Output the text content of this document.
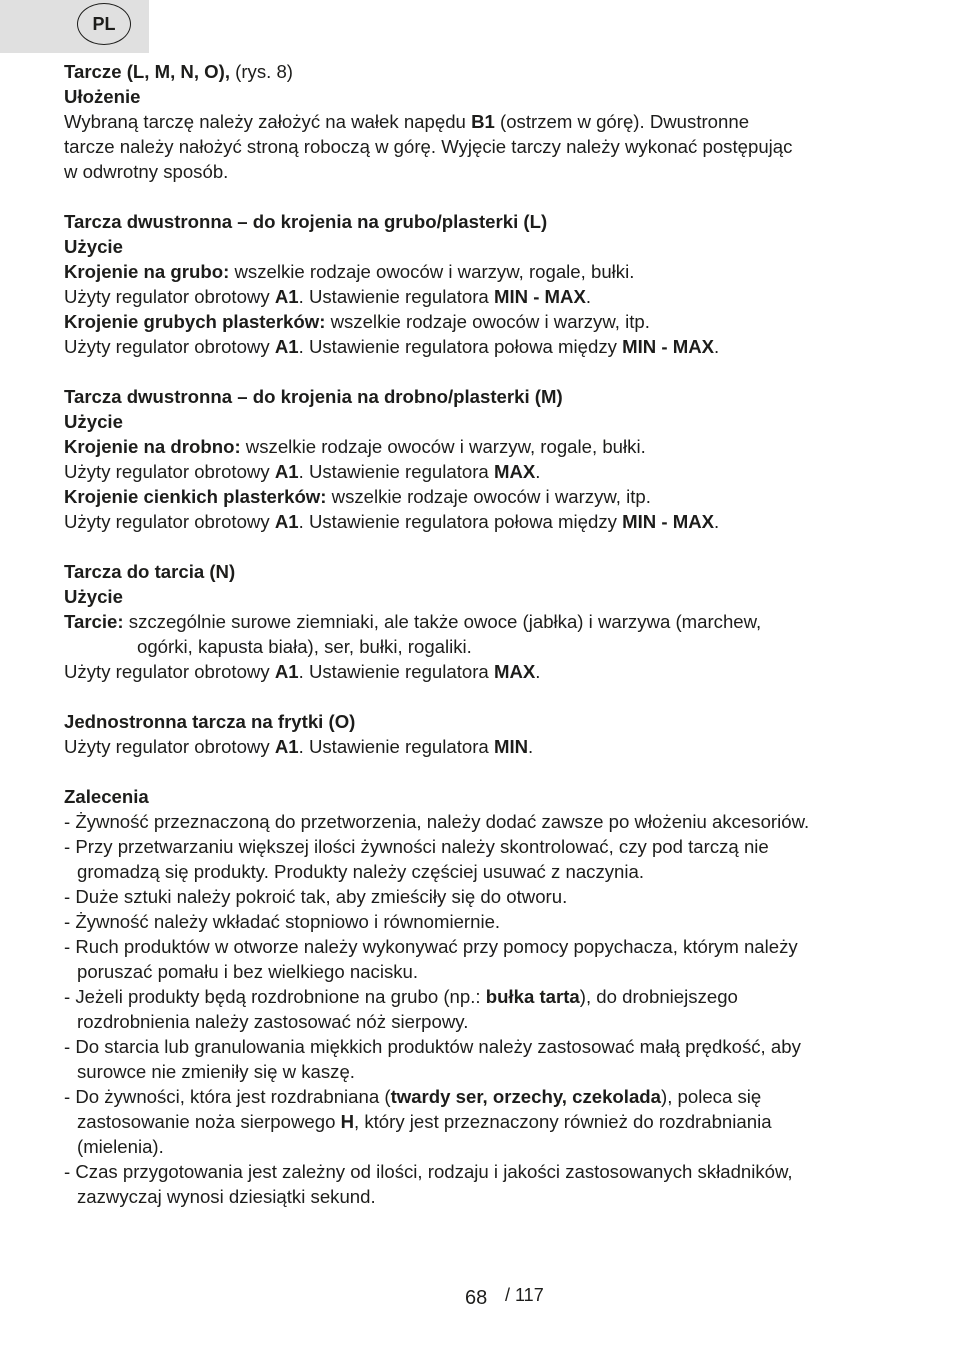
PL
Tarcze (L, M, N, O), (rys. 8)
Ułożenie
Wybraną tarczę należy założyć na wałek napędu B1 (ostrzem w górę). Dwustronne
tarcze należy nałożyć stroną roboczą w górę. Wyjęcie tarczy należy wykonać postępując
w odwrotny sposób.
Tarcza dwustronna – do krojenia na grubo/plasterki (L)
Użycie
Krojenie na grubo: wszelkie rodzaje owoców i warzyw, rogale, bułki.
Użyty regulator obrotowy A1. Ustawienie regulatora MIN - MAX.
Krojenie grubych plasterków: wszelkie rodzaje owoców i warzyw, itp.
Użyty regulator obrotowy A1. Ustawienie regulatora połowa między MIN - MAX.
Tarcza dwustronna – do krojenia na drobno/plasterki (M)
Użycie
Krojenie na drobno: wszelkie rodzaje owoców i warzyw, rogale, bułki.
Użyty regulator obrotowy A1. Ustawienie regulatora MAX.
Krojenie cienkich plasterków: wszelkie rodzaje owoców i warzyw, itp.
Użyty regulator obrotowy A1. Ustawienie regulatora połowa między MIN - MAX.
Tarcza do tarcia (N)
Użycie
Tarcie: szczególnie surowe ziemniaki, ale także owoce (jabłka) i warzywa (marchew,
ogórki, kapusta biała), ser, bułki, rogaliki.
Użyty regulator obrotowy A1. Ustawienie regulatora MAX.
Jednostronna tarcza na frytki (O)
Użyty regulator obrotowy A1. Ustawienie regulatora MIN.
Zalecenia
- Żywność przeznaczoną do przetworzenia, należy dodać zawsze po włożeniu akcesoriów.
- Przy przetwarzaniu większej ilości żywności należy skontrolować, czy pod tarczą nie
gromadzą się produkty. Produkty należy częściej usuwać z naczynia.
- Duże sztuki należy pokroić tak, aby zmieściły się do otworu.
- Żywność należy wkładać stopniowo i równomiernie.
- Ruch produktów w otworze należy wykonywać przy pomocy popychacza, którym należy
poruszać pomału i bez wielkiego nacisku.
- Jeżeli produkty będą rozdrobnione na grubo (np.: bułka tarta), do drobniejszego
rozdrobnienia należy zastosować nóż sierpowy.
- Do starcia lub granulowania miękkich produktów należy zastosować małą prędkość, aby
surowce nie zmieniły się w kaszę.
- Do żywności, która jest rozdrabniana (twardy ser, orzechy, czekolada), poleca się
zastosowanie noża sierpowego H, który jest przeznaczony również do rozdrabniania
(mielenia).
- Czas przygotowania jest zależny od ilości, rodzaju i jakości zastosowanych składników,
zazwyczaj wynosi dziesiątki sekund.
68 / 117
